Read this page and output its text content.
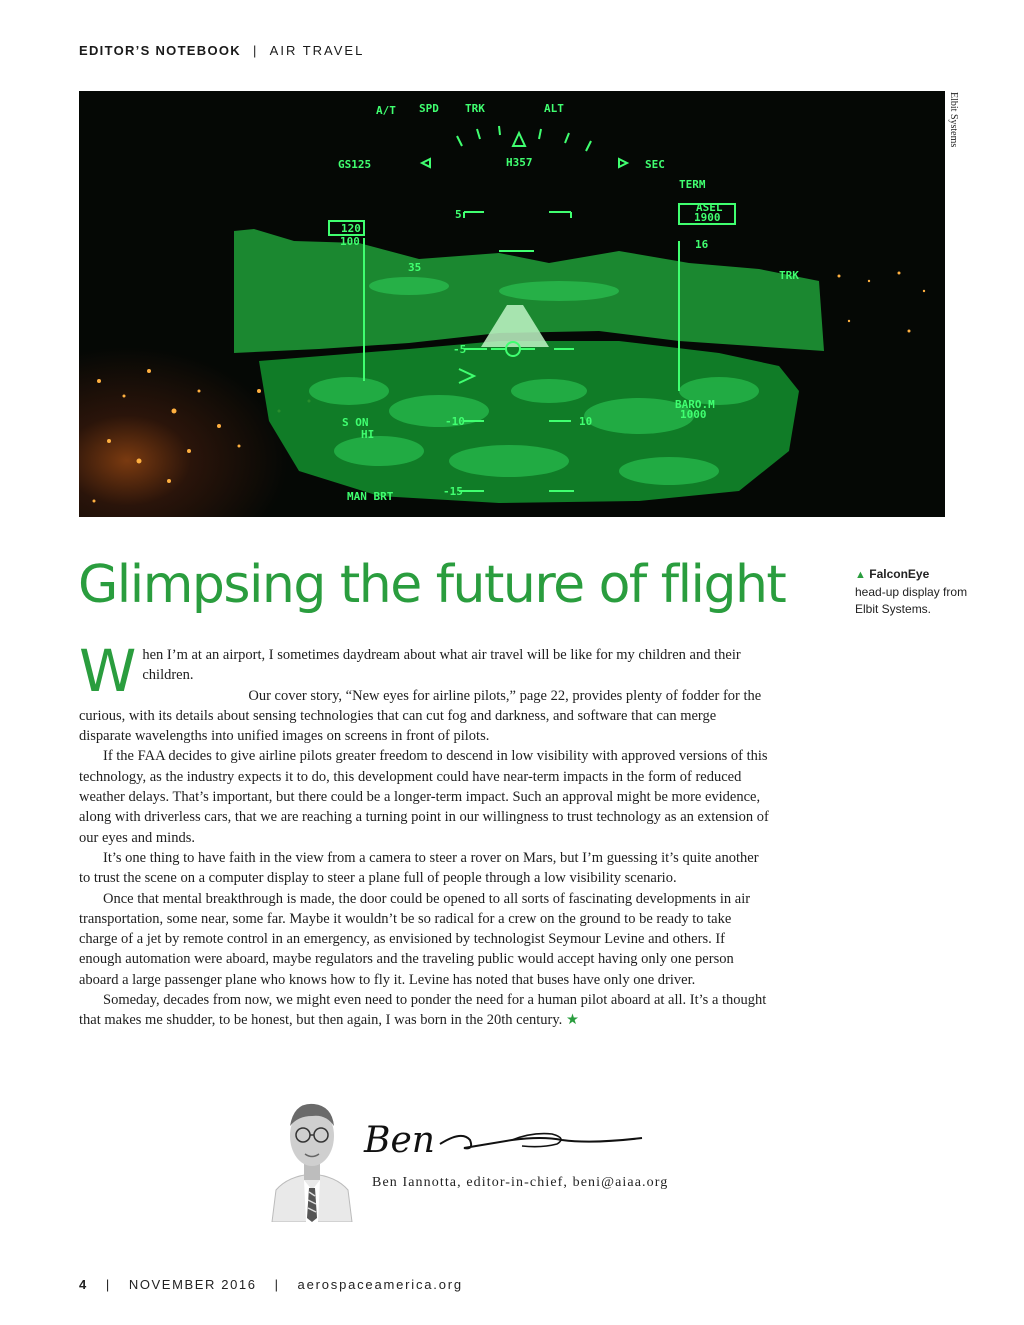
EDITOR’S NOTEBOOK | AIR TRAVEL
A/T SPD TRK	ALT
GS125	H357	SEC
TERM
ASEL
1900
120
100	16
TRK
35
S ON
HI
BARO.M
1000
MAN BRT
5
-5
-10
-15
10
Elbit Systems
Glimpsing the future of flight	▲ FalconEye
head-up display from Elbit Systems.

When I’m at an airport, I sometimes daydream about what air travel will be like for my children and their children.

Our cover story, “New eyes for airline pilots,” page 22, provides plenty of fodder for the curious, with its details about sensing technologies that can cut fog and darkness, and software that can merge disparate wavelengths into unified images on screens in front of pilots.

If the FAA decides to give airline pilots greater freedom to descend in low visibility with approved versions of this technology, as the industry expects it to do, this development could have near-term impacts in the form of reduced weather delays. That’s important, but there could be a longer-term impact. Such an approval might be more evidence, along with driverless cars, that we are reaching a turning point in our willingness to trust technology as an extension of our eyes and minds.

It’s one thing to have faith in the view from a camera to steer a rover on Mars, but I’m guessing it’s quite another to trust the scene on a computer display to steer a plane full of people through a low visibility scenario.

Once that mental breakthrough is made, the door could be opened to all sorts of fascinating developments in air transportation, some near, some far. Maybe it wouldn’t be so radical for a crew on the ground to be ready to take charge of a jet by remote control in an emergency, as envisioned by technologist Seymour Levine and others. If enough automation were aboard, maybe regulators and the traveling public would accept having only one person aboard a large passenger plane who knows how to fly it. Levine has noted that buses have only one driver.

Someday, decades from now, we might even need to ponder the need for a human pilot aboard at all. It’s a thought that makes me shudder, to be honest, but then again, I was born in the 20th century. ★

Ben
Ben Iannotta, editor-in-chief, beni@aiaa.org
4 | NOVEMBER 2016 | aerospaceamerica.org
